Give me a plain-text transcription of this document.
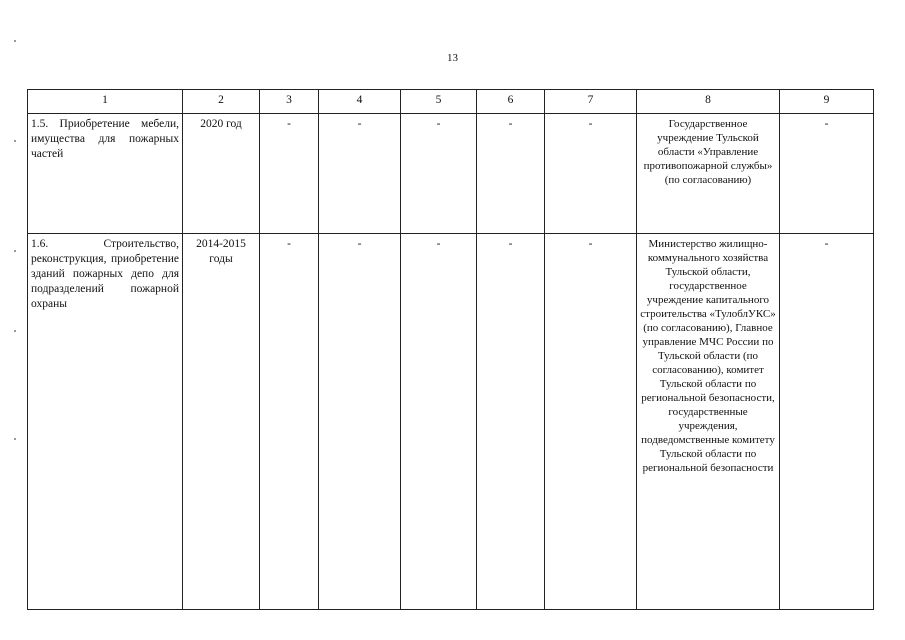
13
1	2	3	4	5	6	7	8	9
1.5. Приобретение мебели, имущества для пожарных частей	2020 год	-	-	-	-	-	Государственное учреждение Тульской области «Управление противопожарной службы» (по согласованию)	-
1.6. Строительство, реконструкция, приобретение зданий пожарных депо для подразделений пожарной охраны	2014-2015 годы	-	-	-	-	-	Министерство жилищно-коммунального хозяйства Тульской области, государственное учреждение капитального строительства «ТулоблУКС» (по согласованию), Главное управление МЧС России по Тульской области (по согласованию), комитет Тульской области по региональной безопасности, государственные учреждения, подведомственные комитету Тульской области по региональной безопасности	-
